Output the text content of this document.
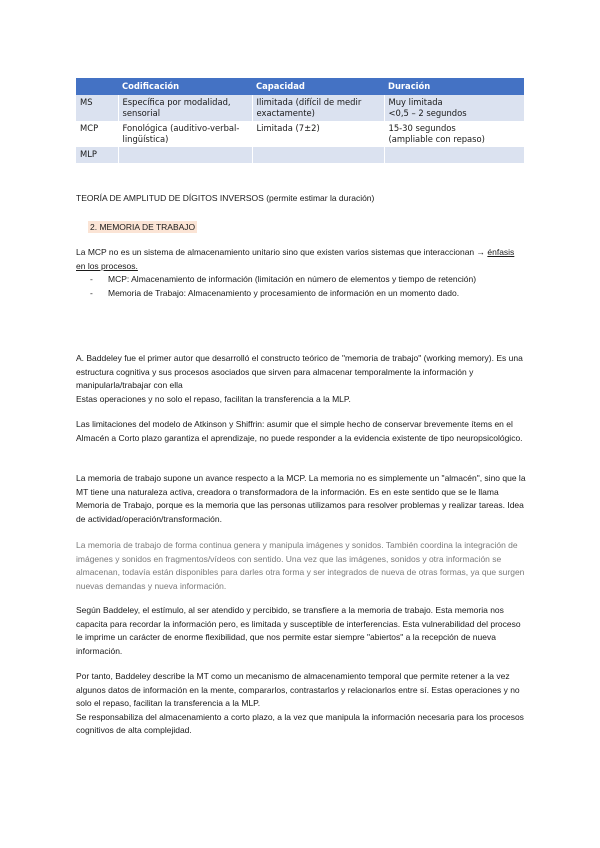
	Codificación	Capacidad	Duración
MS	Específica por modalidad, sensorial	Ilimitada (difícil de medir exactamente)	Muy limitada
<0,5 – 2 segundos
MCP	Fonológica (auditivo-verbal-lingüística)	Limitada (7±2)	15-30 segundos
(ampliable con repaso)
MLP			

TEORÍA DE AMPLITUD DE DÍGITOS INVERSOS (permite estimar la duración)

2. MEMORIA DE TRABAJO

La MCP no es un sistema de almacenamiento unitario sino que existen varios sistemas que interaccionan → énfasis en los procesos.

- MCP: Almacenamiento de información (limitación en número de elementos y tiempo de retención)
- Memoria de Trabajo: Almacenamiento y procesamiento de información en un momento dado.

A. Baddeley fue el primer autor que desarrolló el constructo teórico de "memoria de trabajo" (working memory). Es una estructura cognitiva y sus procesos asociados que sirven para almacenar temporalmente la información y manipularla/trabajar con ella
Estas operaciones y no solo el repaso, facilitan la transferencia a la MLP.

Las limitaciones del modelo de Atkinson y Shiffrin: asumir que el simple hecho de conservar brevemente ítems en el Almacén a Corto plazo garantiza el aprendizaje, no puede responder a la evidencia existente de tipo neuropsicológico.

La memoria de trabajo supone un avance respecto a la MCP. La memoria no es simplemente un "almacén", sino que la MT tiene una naturaleza activa, creadora o transformadora de la información. Es en este sentido que se le llama Memoria de Trabajo, porque es la memoria que las personas utilizamos para resolver problemas y realizar tareas. Idea de actividad/operación/transformación.

La memoria de trabajo de forma continua genera y manipula imágenes y sonidos. También coordina la integración de imágenes y sonidos en fragmentos/vídeos con sentido. Una vez que las imágenes, sonidos y otra información se almacenan, todavía están disponibles para darles otra forma y ser integrados de nueva de otras formas, ya que surgen nuevas demandas y nueva información.

Según Baddeley, el estímulo, al ser atendido y percibido, se transfiere a la memoria de trabajo. Esta memoria nos capacita para recordar la información pero, es limitada y susceptible de interferencias. Esta vulnerabilidad del proceso le imprime un carácter de enorme flexibilidad, que nos permite estar siempre "abiertos" a la recepción de nueva información.

Por tanto, Baddeley describe la MT como un mecanismo de almacenamiento temporal que permite retener a la vez algunos datos de información en la mente, compararlos, contrastarlos y relacionarlos entre sí. Estas operaciones y no solo el repaso, facilitan la transferencia a la MLP.
Se responsabiliza del almacenamiento a corto plazo, a la vez que manipula la información necesaria para los procesos cognitivos de alta complejidad.
